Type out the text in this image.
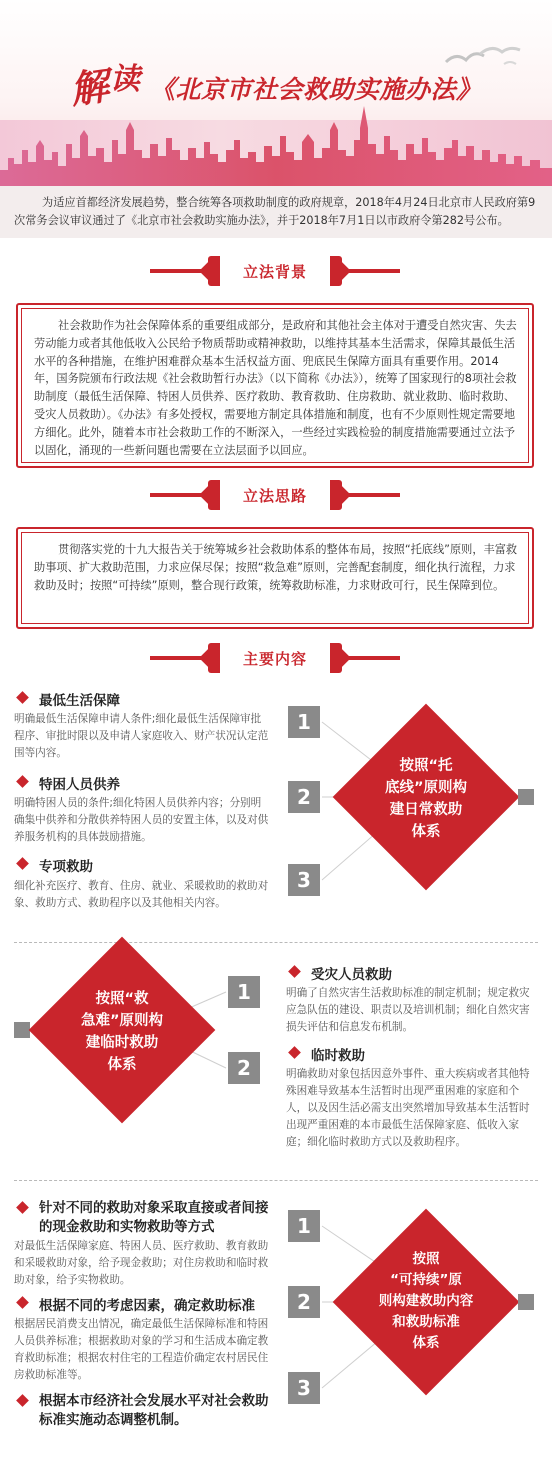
解
读 《北京市社会救助实施办法》
为适应首都经济发展趋势，整合统筹各项救助制度的政府规章，2018年4月24日北京市人民政府第9次常务会议审议通过了《北京市社会救助实施办法》，并于2018年7月1日以市政府令第282号公布。
立法背景

社会救助作为社会保障体系的重要组成部分，是政府和其他社会主体对于遭受自然灾害、失去劳动能力或者其他低收入公民给予物质帮助或精神救助，以维持其基本生活需求，保障其最低生活水平的各种措施，在维护困难群众基本生活权益方面、兜底民生保障方面具有重要作用。2014年，国务院颁布行政法规《社会救助暂行办法》（以下简称《办法》），统筹了国家现行的8项社会救助制度（最低生活保障、特困人员供养、医疗救助、教育救助、住房救助、就业救助、临时救助、受灾人员救助）。《办法》有多处授权，需要地方制定具体措施和制度，也有不少原则性规定需要地方细化。此外，随着本市社会救助工作的不断深入，一些经过实践检验的制度措施需要通过立法予以固化，涌现的一些新问题也需要在立法层面予以回应。

立法思路

贯彻落实党的十九大报告关于统筹城乡社会救助体系的整体布局，按照“托底线”原则，丰富救助事项、扩大救助范围，力求应保尽保；按照“救急难”原则，完善配套制度，细化执行流程，力求救助及时；按照“可持续”原则，整合现行政策，统筹救助标准，力求财政可行，民生保障到位。

主要内容
最低生活保障
明确最低生活保障申请人条件;细化最低生活保障审批程序、审批时限以及申请人家庭收入、财产状况认定范围等内容。
特困人员供养
明确特困人员的条件;细化特困人员供养内容；分别明确集中供养和分散供养特困人员的安置主体，以及对供养服务机构的具体鼓励措施。
专项救助
细化补充医疗、教育、住房、就业、采暖救助的救助对象、救助方式、救助程序以及其他相关内容。
1
2
3
按照“托
底线”原则构
建日常救助
体系
按照“救
急难”原则构
建临时救助
体系
1
2
受灾人员救助
明确了自然灾害生活救助标准的制定机制；规定救灾应急队伍的建设、职责以及培训机制；细化自然灾害损失评估和信息发布机制。
临时救助
明确救助对象包括因意外事件、重大疾病或者其他特殊困难导致基本生活暂时出现严重困难的家庭和个人，以及因生活必需支出突然增加导致基本生活暂时出现严重困难的本市最低生活保障家庭、低收入家庭；细化临时救助方式以及救助程序。
针对不同的救助对象采取直接或者间接的现金救助和实物救助等方式
对最低生活保障家庭、特困人员、医疗救助、教育救助和采暖救助对象，给予现金救助；对住房救助和临时救助对象，给予实物救助。
根据不同的考虑因素，确定救助标准
根据居民消费支出情况，确定最低生活保障标准和特困人员供养标准；根据救助对象的学习和生活成本确定教育救助标准；根据农村住宅的工程造价确定农村居民住房救助标准等。
根据本市经济社会发展水平对社会救助标准实施动态调整机制。
1
2
3
按照
“可持续”原
则构建救助内容
和救助标准
体系
